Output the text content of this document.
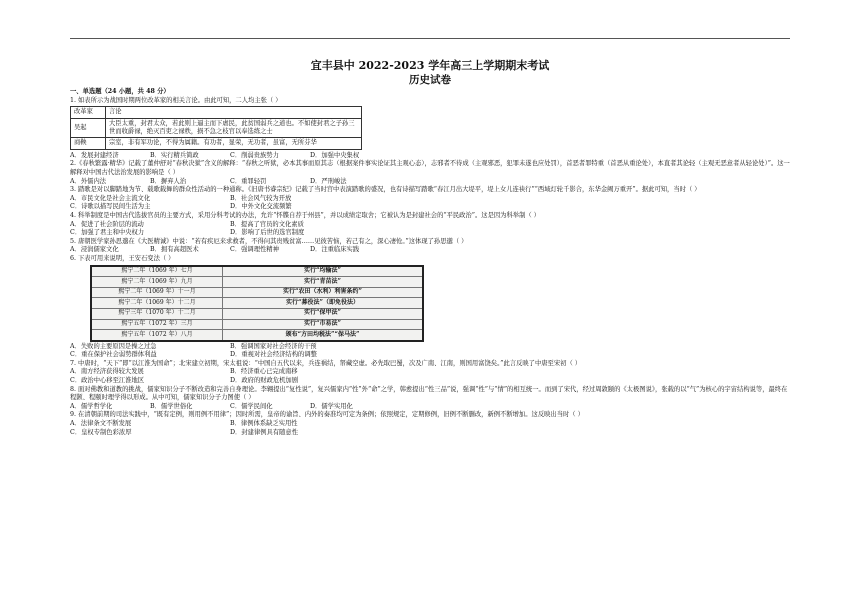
宜丰县中 2022-2023 学年高三上学期期末考试
历史试卷

一、单选题（24 小题，共 48 分）

1. 如表所示为战国时期两位改革家的相关言论。由此可知，二人均主张（ ）

改革家	言论
吴起	大臣太重，封君太众，若此则上逼主而下虐民，此贫国弱兵之道也。不如使封君之子孙三世而收爵禄，绝灭百吏之禄秩，损不急之枝官以奉选练之士
商鞅	宗室，非有军功论，不得为属籍。有功者，显荣，无功者，虽富，无所芬华
A．发展封建经济	B．实行精兵简政	C．削弱贵族势力	D．加强中央集权

2.《春秋繁露·精华》记载了董仲舒对“春秋决狱”含义的解释：“春秋之听狱，必本其事而原其志（根据案件事实论证其主观心态），志邪者不待成（主观邪恶，犯罪未遂也应处罚），首恶者罪特重（首恶从重论处），本直者其论轻（主观无恶意者从轻论处）”。这一解释对中国古代法治发展的影响是（ ）

A．外儒内法	B．摒弃人治	C．重罪轻罚	D．严刑峻法

3. 踏歌是对以脚踏地为节、载歌载舞的群众性活动的一种通称。《旧唐书睿宗纪》记载了当时宫中表演踏歌的盛况，也有诗描写踏歌“春江月出大堤平，堤上女儿连袂行”“西域灯轮千影合，东华金阙万重开”。据此可知，当时（ ）

A．市民文化是社会主流文化	B．社会风气较为开放
C．诗歌以描写民间生活为主	D．中外文化交流频繁

4. 科举制度是中国古代选拔官员的主要方式，采用分科考试的办法，允许“怀牒自荐于州县”，并以成绩定取舍；它被认为是封建社会的“平民政治”。这是因为科举制（ ）

A．促进了社会阶层的流动	B．提高了官员的文化素质
C．加强了君主和中央权力	D．影响了后世的选官制度

5. 唐朝医学家孙思邈在《大医精诚》中说：“若有疾厄来求救者，不得问其贵贱贫富……见彼苦恼，若己有之，深心凄怆。”这体现了孙思邈（ ）

A．浸润儒家文化	B．拥有高超医术	C．强调理性精神	D．注重临床实践

6. 下表可用来说明，王安石变法（ ）

熙宁二年（1069 年）七月	实行“均输法”
熙宁二年（1069 年）九月	实行“青苗法”
熙宁二年（1069 年）十一月	实行“农田（水利）利害条约”
熙宁二年（1069 年）十二月	实行“募役法”（即免役法）
熙宁三年（1070 年）十二月	实行“保甲法”
熙宁五年（1072 年）三月	实行“市易法”
熙宁五年（1072 年）八月	颁布“方田均税法”“保马法”
A．失败的主要原因是操之过急	B．强调国家对社会经济的干预
C．重在保护社会弱势群体利益	D．重视对社会经济结构的调整

7. 中唐时，“天下“即“以江淮为国命”；北宋建立初期，宋太祖说：“中国自五代以来，兵连祸结，帑藏空虚。必先取巴蜀，次及广南、江南，则国用富饶矣。”此言反映了中唐至宋初（ ）

A．南方经济获得较大发展	B．经济重心已完成南移
C．政治中心移至江淮地区	D．政府的财政危机加剧

8. 面对佛教和道教的挑战，儒家知识分子不断改造和完善自身理论。李翱提出“复性说”，复兴儒家内“性”外“命”之学，韩愈提出“性三品”说，强调“性”与“情”的相互统一。而到了宋代，经过周敦颐的《太极图说》，张载的以“气”为核心的宇宙结构说等，最终在程颢、程颐时理学得以形成。从中可知，儒家知识分子力图使（ ）

A．儒学哲学化	B．儒学世俗化	C．儒学民间化	D．儒学实用化

9. 在清朝前期的司法实践中，“既有定例，则用例不用律”；因时所需，皇帝的谕旨、内外的奏准均可定为条例；依照规定，定期修例，旧例不断删改，新例不断增加。这反映出当时（ ）

A．法律条文不断发展	B．律例体系缺乏实用性
C．皇权专制色彩浓厚	D．封建律例具有随意性
